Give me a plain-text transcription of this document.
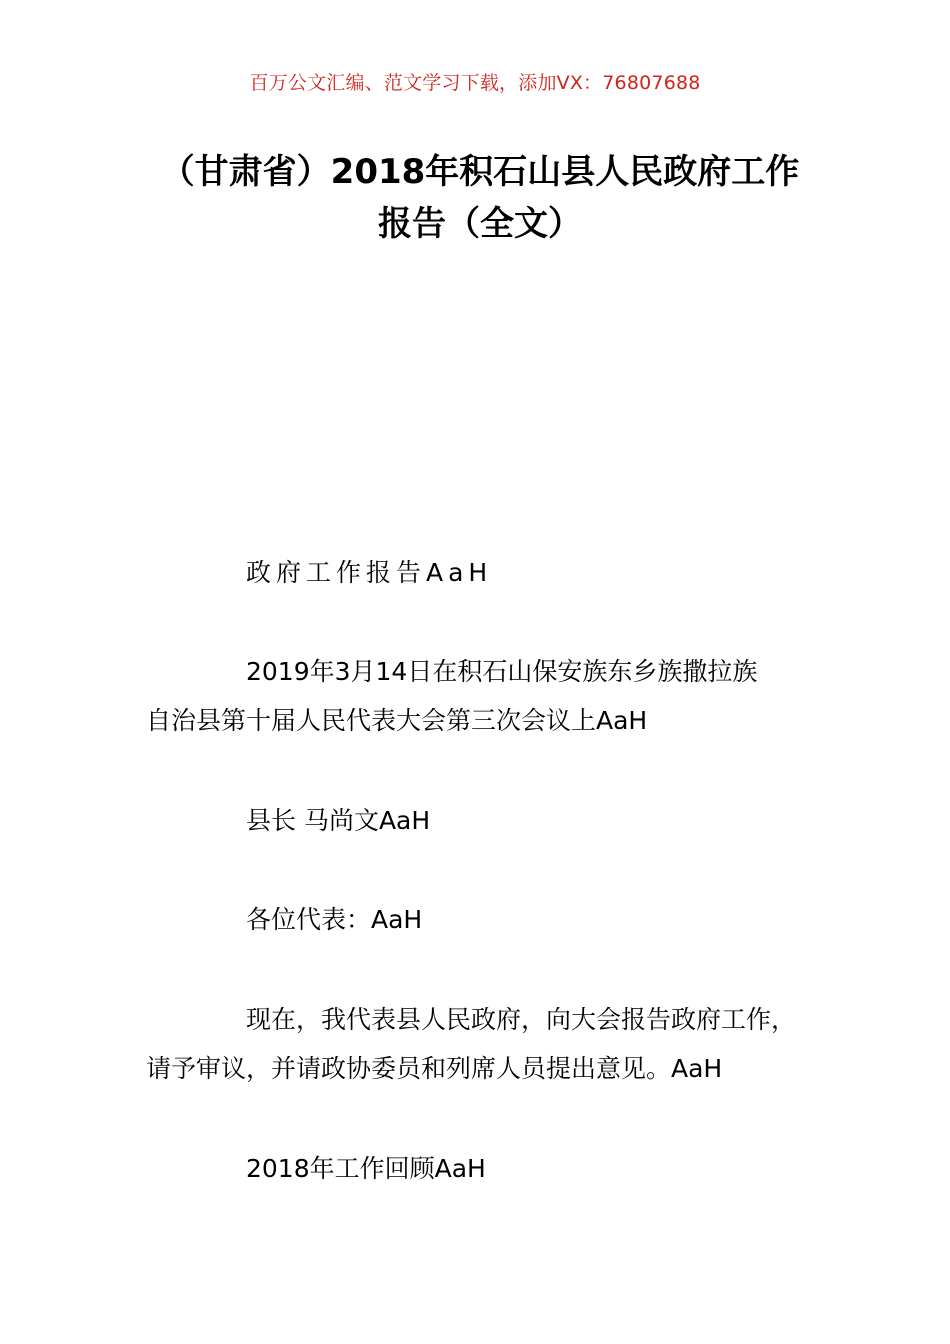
百万公文汇编、范文学习下载，添加VX：76807688
（甘肃省）2018年积石山县人民政府工作
报告（全文）

政府工作报告AaH

2019年3月14日在积石山保安族东乡族撒拉族
自治县第十届人民代表大会第三次会议上AaH

县长 马尚文AaH

各位代表：AaH

现在，我代表县人民政府，向大会报告政府工作，
请予审议，并请政协委员和列席人员提出意见。AaH

2018年工作回顾AaH
